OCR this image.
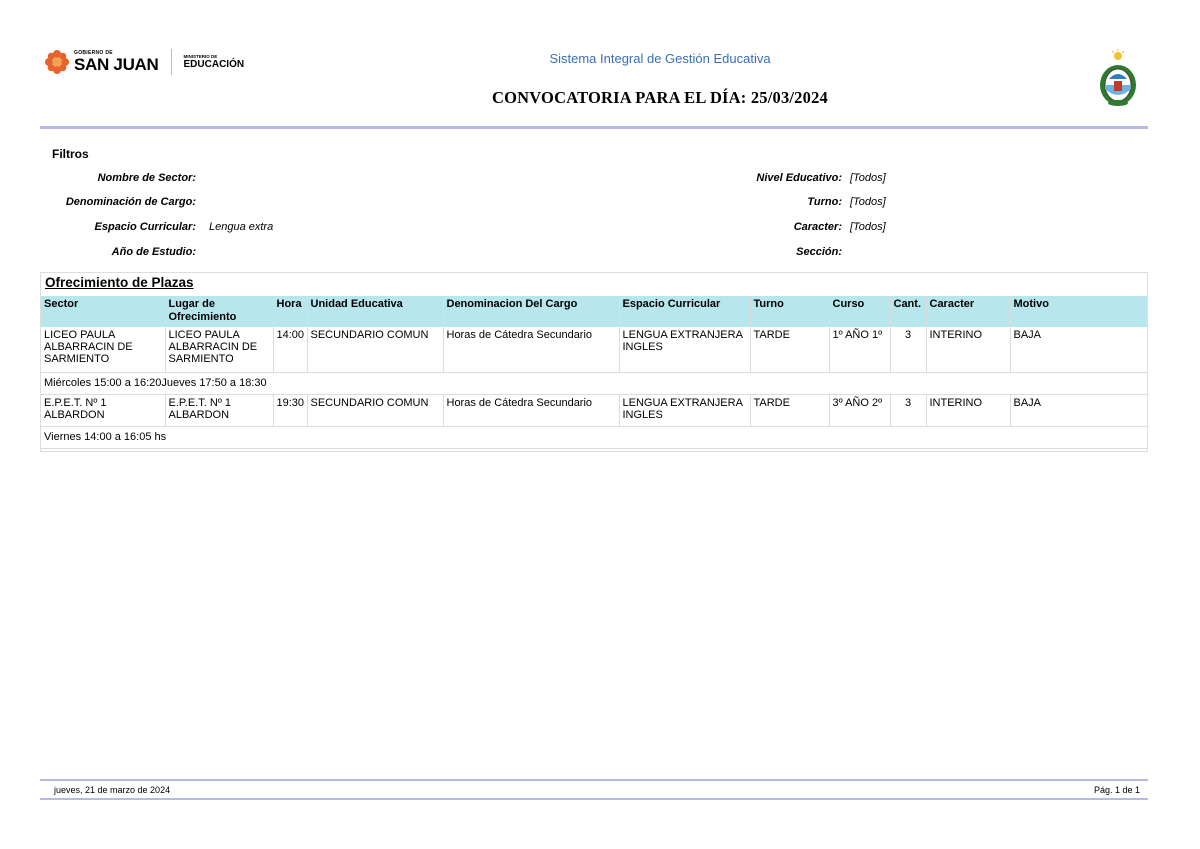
GOBIERNO DE
SAN JUAN	MINISTERIO DE
EDUCACIÓN	Sistema Integral de Gestión Educativa
CONVOCATORIA PARA EL DÍA: 25/03/2024
Filtros
Nombre de Sector:
Denominación de Cargo:
Espacio Curricular: Lengua extra
Año de Estudio:
Nivel Educativo: [Todos]
Turno: [Todos]
Caracter: [Todos]
Sección:
Ofrecimiento de Plazas
Sector	Lugar de Ofrecimiento	Hora	Unidad Educativa	Denominacion Del Cargo	Espacio Curricular	Turno	Curso	Cant.	Caracter	Motivo
LICEO PAULA ALBARRACIN DE SARMIENTO	LICEO PAULA ALBARRACIN DE SARMIENTO	14:00	SECUNDARIO COMUN	Horas de Cátedra Secundario	LENGUA EXTRANJERA INGLES	TARDE	1º AÑO 1º	3	INTERINO	BAJA
Miércoles 15:00 a 16:20Jueves 17:50 a 18:30										
E.P.E.T. Nº 1 ALBARDON	E.P.E.T. Nº 1 ALBARDON	19:30	SECUNDARIO COMUN	Horas de Cátedra Secundario	LENGUA EXTRANJERA INGLES	TARDE	3º AÑO 2º	3	INTERINO	BAJA
Viernes 14:00 a 16:05 hs										
jueves, 21 de marzo de 2024	Pág. 1 de 1
